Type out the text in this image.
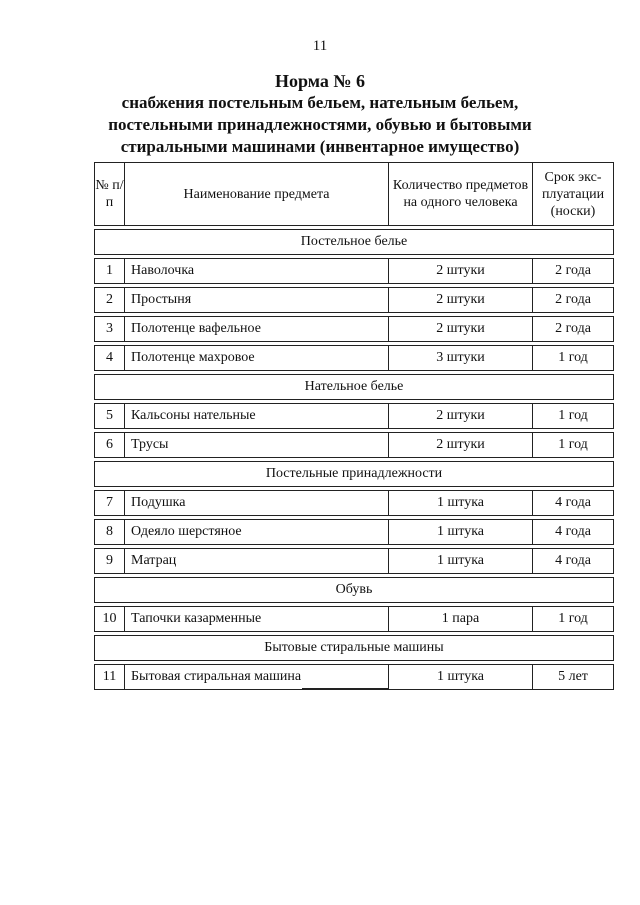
11
Норма № 6
снабжения постельным бельем, нательным бельем,
постельными принадлежностями, обувью и бытовыми
стиральными машинами (инвентарное имущество)
№ п/п	Наименование предмета	Количество предметов на одного человека	Срок экс-плуатации (носки)

Постельное белье			

1	Наволочка	2 штуки	2 года

2	Простыня	2 штуки	2 года

3	Полотенце вафельное	2 штуки	2 года

4	Полотенце махровое	3 штуки	1 год

Нательное белье			

5	Кальсоны нательные	2 штуки	1 год

6	Трусы	2 штуки	1 год

Постельные принадлежности			

7	Подушка	1 штука	4 года

8	Одеяло шерстяное	1 штука	4 года

9	Матрац	1 штука	4 года

Обувь			

10	Тапочки казарменные	1 пара	1 год

Бытовые стиральные машины			

11	Бытовая стиральная машина	1 штука	5 лет
